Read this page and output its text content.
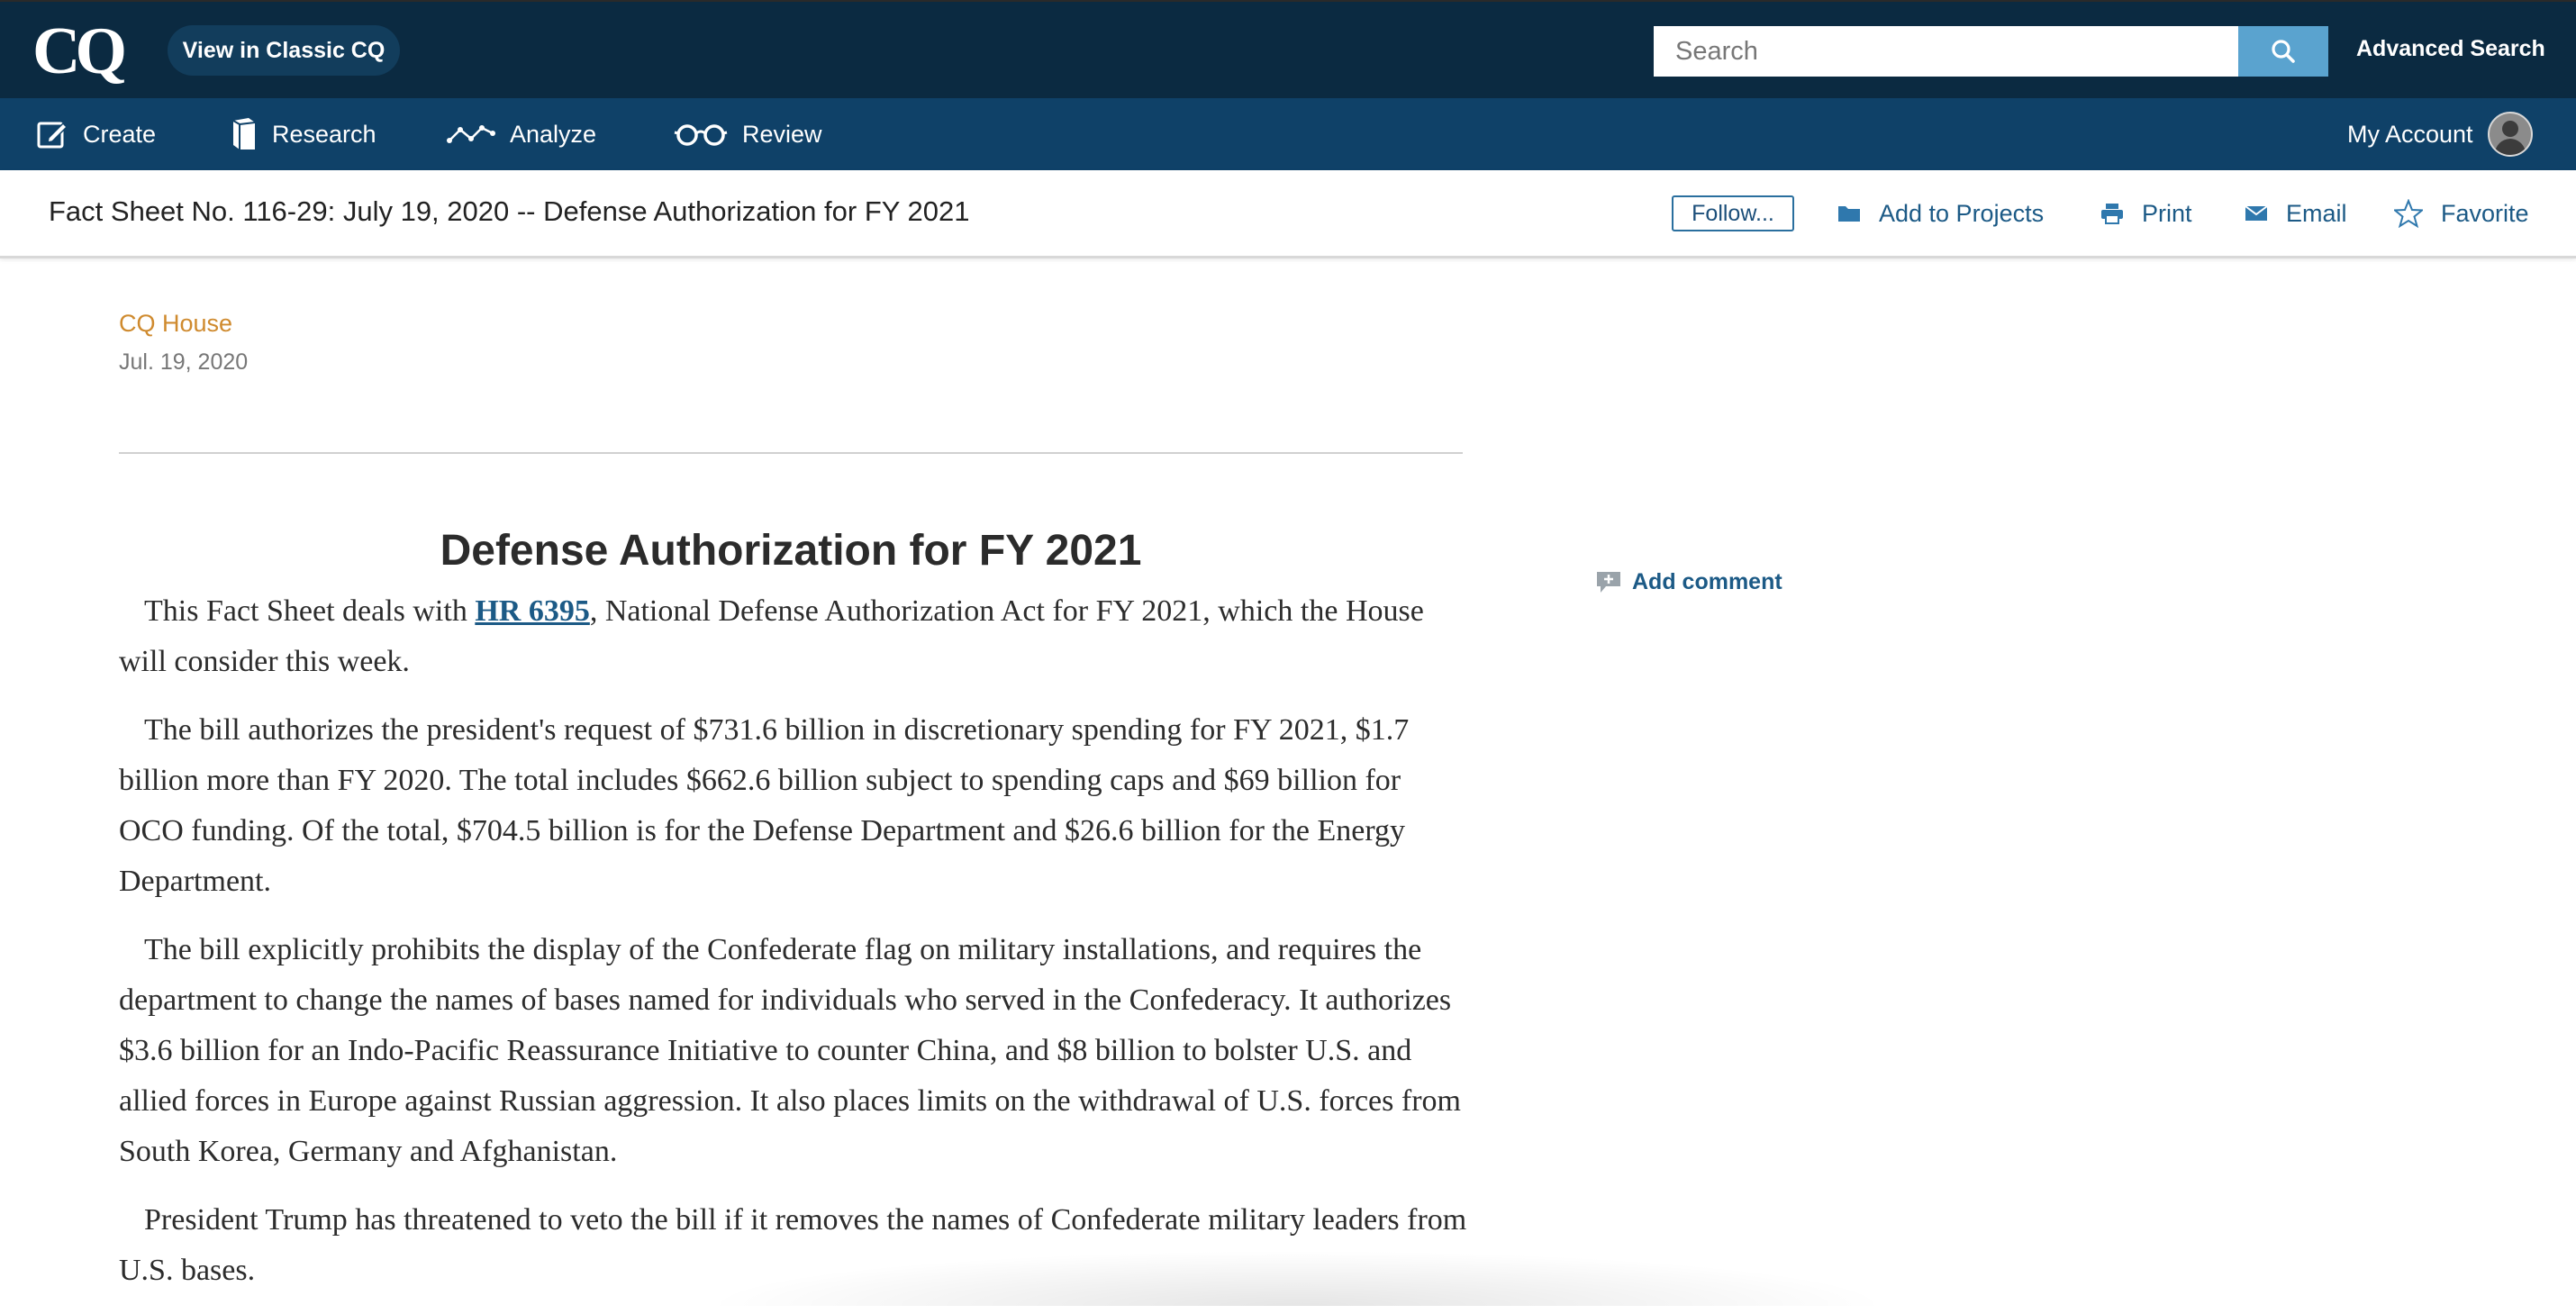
CQ	View in Classic CQ
Search	Advanced Search
Create	Research	Analyze	Review	My Account
Fact Sheet No. 116-29: July 19, 2020 -- Defense Authorization for FY 2021	Follow...	Add to Projects	Print	Email	Favorite
CQ House
Jul. 19, 2020
Defense Authorization for FY 2021

This Fact Sheet deals with HR 6395, National Defense Authorization Act for FY 2021, which the House will consider this week.

The bill authorizes the president's request of $731.6 billion in discretionary spending for FY 2021, $1.7 billion more than FY 2020. The total includes $662.6 billion subject to spending caps and $69 billion for OCO funding. Of the total, $704.5 billion is for the Defense Department and $26.6 billion for the Energy Department.

The bill explicitly prohibits the display of the Confederate flag on military installations, and requires the department to change the names of bases named for individuals who served in the Confederacy. It authorizes $3.6 billion for an Indo-Pacific Reassurance Initiative to counter China, and $8 billion to bolster U.S. and allied forces in Europe against Russian aggression. It also places limits on the withdrawal of U.S. forces from South Korea, Germany and Afghanistan.

President Trump has threatened to veto the bill if it removes the names of Confederate military leaders from U.S. bases.

Add comment
